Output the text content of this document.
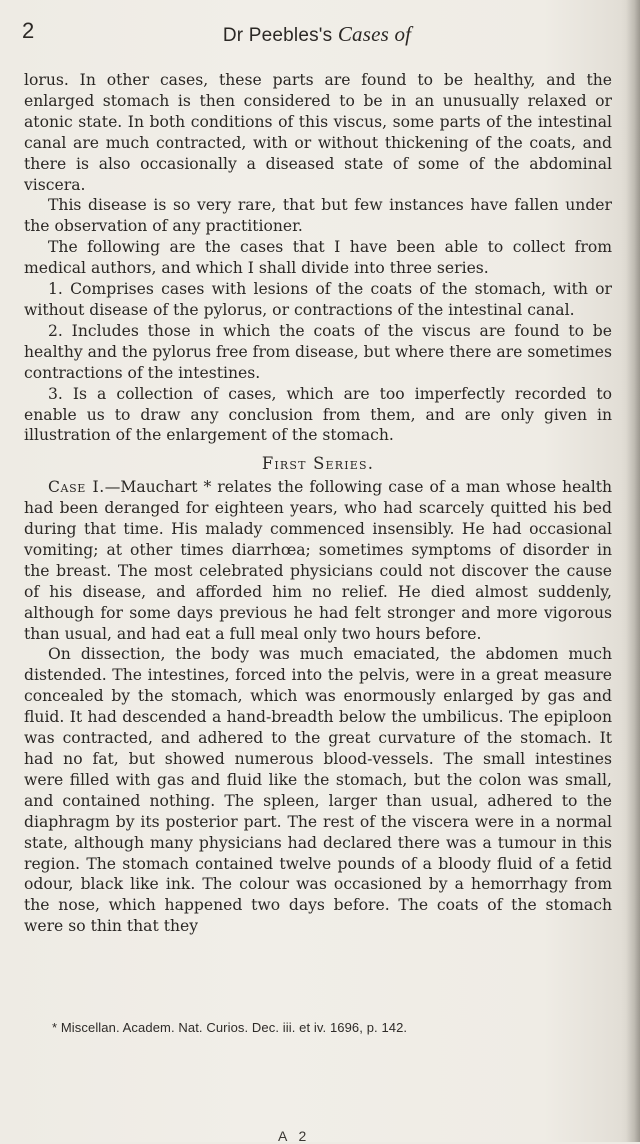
2	Dr Peebles's Cases of

lorus. In other cases, these parts are found to be healthy, and the enlarged stomach is then considered to be in an unusually relaxed or atonic state. In both conditions of this viscus, some parts of the intestinal canal are much contracted, with or without thickening of the coats, and there is also occasionally a diseased state of some of the abdominal viscera.

This disease is so very rare, that but few instances have fallen under the observation of any practitioner.

The following are the cases that I have been able to collect from medical authors, and which I shall divide into three series.

1. Comprises cases with lesions of the coats of the stomach, with or without disease of the pylorus, or contractions of the intestinal canal.

2. Includes those in which the coats of the viscus are found to be healthy and the pylorus free from disease, but where there are sometimes contractions of the intestines.

3. Is a collection of cases, which are too imperfectly recorded to enable us to draw any conclusion from them, and are only given in illustration of the enlargement of the stomach.

First Series.

Case I.—Mauchart * relates the following case of a man whose health had been deranged for eighteen years, who had scarcely quitted his bed during that time. His malady commenced insensibly. He had occasional vomiting; at other times diarrhœa; sometimes symptoms of disorder in the breast. The most celebrated physicians could not discover the cause of his disease, and afforded him no relief. He died almost suddenly, although for some days previous he had felt stronger and more vigorous than usual, and had eat a full meal only two hours before.

On dissection, the body was much emaciated, the abdomen much distended. The intestines, forced into the pelvis, were in a great measure concealed by the stomach, which was enormously enlarged by gas and fluid. It had descended a hand-breadth below the umbilicus. The epiploon was contracted, and adhered to the great curvature of the stomach. It had no fat, but showed numerous blood-vessels. The small intestines were filled with gas and fluid like the stomach, but the colon was small, and contained nothing. The spleen, larger than usual, adhered to the diaphragm by its posterior part. The rest of the viscera were in a normal state, although many physicians had declared there was a tumour in this region. The stomach contained twelve pounds of a bloody fluid of a fetid odour, black like ink. The colour was occasioned by a hemorrhagy from the nose, which happened two days before. The coats of the stomach were so thin that they

* Miscellan. Academ. Nat. Curios. Dec. iii. et iv. 1696, p. 142.
A 2
